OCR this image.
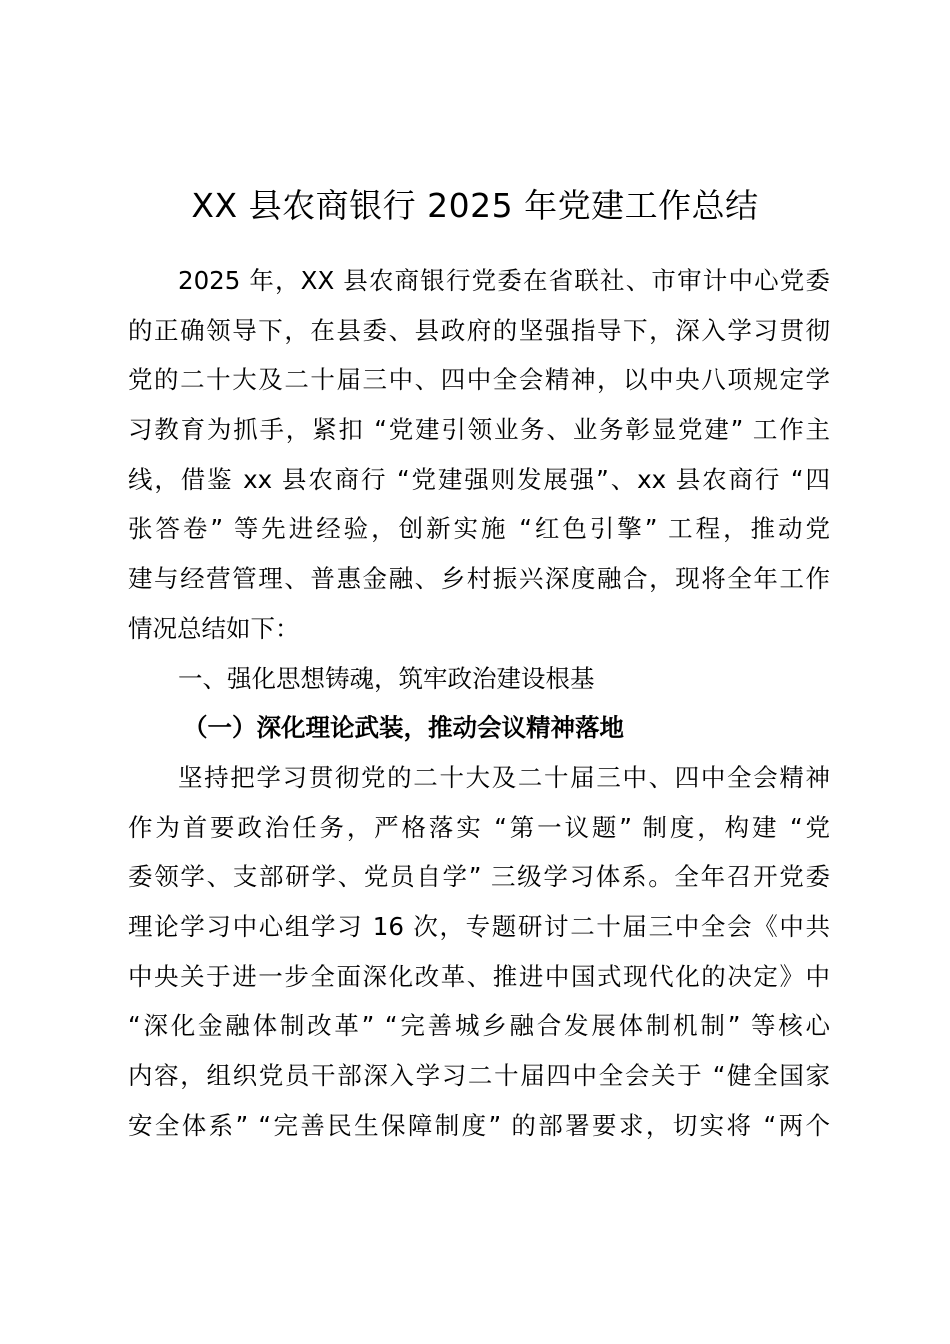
XX 县农商银行 2025 年党建工作总结
2025 年，XX 县农商银行党委在省联社、市审计中心党委
的正确领导下，在县委、县政府的坚强指导下，深入学习贯彻
党的二十大及二十届三中、四中全会精神，以中央八项规定学
习教育为抓手，紧扣 “党建引领业务、业务彰显党建” 工作主
线，借鉴 xx 县农商行 “党建强则发展强”、xx 县农商行 “四
张答卷” 等先进经验，创新实施 “红色引擎” 工程，推动党
建与经营管理、普惠金融、乡村振兴深度融合，现将全年工作
情况总结如下：
一、强化思想铸魂，筑牢政治建设根基
（一）深化理论武装，推动会议精神落地
坚持把学习贯彻党的二十大及二十届三中、四中全会精神
作为首要政治任务，严格落实 “第一议题” 制度，构建 “党
委领学、支部研学、党员自学” 三级学习体系。全年召开党委
理论学习中心组学习 16 次，专题研讨二十届三中全会《中共
中央关于进一步全面深化改革、推进中国式现代化的决定》中
“深化金融体制改革” “完善城乡融合发展体制机制” 等核心
内容，组织党员干部深入学习二十届四中全会关于 “健全国家
安全体系” “完善民生保障制度” 的部署要求，切实将 “两个
